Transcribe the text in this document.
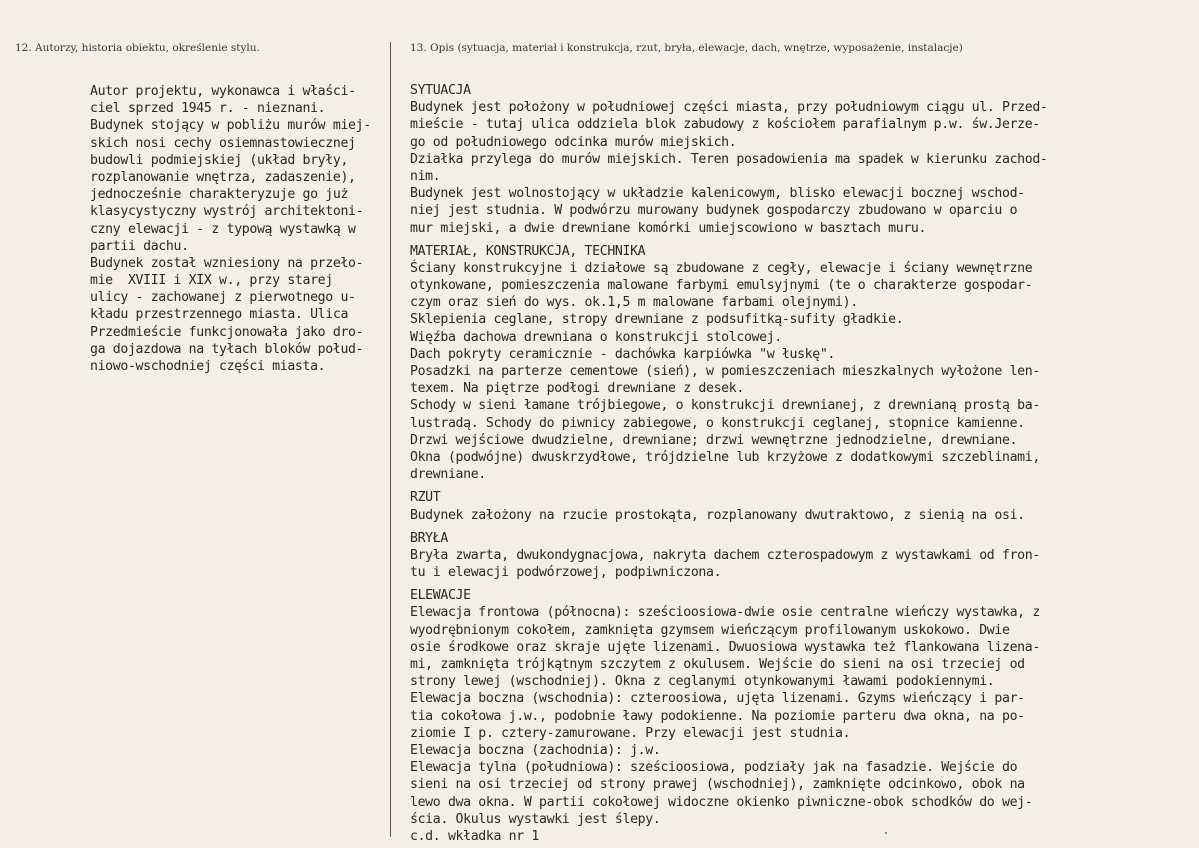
12. Autorzy, historia obiektu, określenie stylu.	13. Opis (sytuacja, materiał i konstrukcja, rzut, bryła, elewacje, dach, wnętrze, wyposażenie, instalacje)
Autor projektu, wykonawca i właści-
ciel sprzed 1945 r. - nieznani.
Budynek stojący w pobliżu murów miej-
skich nosi cechy osiemnastowiecznej
budowli podmiejskiej (układ bryły,
rozplanowanie wnętrza, zadaszenie),
jednocześnie charakteryzuje go już
klasycystyczny wystrój architektoni-
czny elewacji - z typową wystawką w
partii dachu.
Budynek został wzniesiony na przeło-
mie  XVIII i XIX w., przy starej
ulicy - zachowanej z pierwotnego u-
kładu przestrzennego miasta. Ulica
Przedmieście funkcjonowała jako dro-
ga dojazdowa na tyłach bloków połud-
niowo-wschodniej części miasta.
SYTUACJA
Budynek jest położony w południowej części miasta, przy południowym ciągu ul. Przed-
mieście - tutaj ulica oddziela blok zabudowy z kościołem parafialnym p.w. św.Jerze-
go od południowego odcinka murów miejskich.
Działka przylega do murów miejskich. Teren posadowienia ma spadek w kierunku zachod-
nim.
Budynek jest wolnostojący w układzie kalenicowym, blisko elewacji bocznej wschod-
niej jest studnia. W podwórzu murowany budynek gospodarczy zbudowano w oparciu o
mur miejski, a dwie drewniane komórki umiejscowiono w basztach muru.
MATERIAŁ, KONSTRUKCJA, TECHNIKA
Ściany konstrukcyjne i działowe są zbudowane z cegły, elewacje i ściany wewnętrzne
otynkowane, pomieszczenia malowane farbymi emulsyjnymi (te o charakterze gospodar-
czym oraz sień do wys. ok.1,5 m malowane farbami olejnymi).
Sklepienia ceglane, stropy drewniane z podsufitką-sufity gładkie.
Więźba dachowa drewniana o konstrukcji stolcowej.
Dach pokryty ceramicznie - dachówka karpiówka "w łuskę".
Posadzki na parterze cementowe (sień), w pomieszczeniach mieszkalnych wyłożone len-
texem. Na piętrze podłogi drewniane z desek.
Schody w sieni łamane trójbiegowe, o konstrukcji drewnianej, z drewnianą prostą ba-
lustradą. Schody do piwnicy zabiegowe, o konstrukcji ceglanej, stopnice kamienne.
Drzwi wejściowe dwudzielne, drewniane; drzwi wewnętrzne jednodzielne, drewniane.
Okna (podwójne) dwuskrzydłowe, trójdzielne lub krzyżowe z dodatkowymi szczeblinami,
drewniane.
RZUT
Budynek założony na rzucie prostokąta, rozplanowany dwutraktowo, z sienią na osi.
BRYŁA
Bryła zwarta, dwukondygnacjowa, nakryta dachem czterospadowym z wystawkami od fron-
tu i elewacji podwórzowej, podpiwniczona.
ELEWACJE
Elewacja frontowa (północna): sześcioosiowa-dwie osie centralne wieńczy wystawka, z
wyodrębnionym cokołem, zamknięta gzymsem wieńczącym profilowanym uskokowo. Dwie
osie środkowe oraz skraje ujęte lizenami. Dwuosiowa wystawka też flankowana lizena-
mi, zamknięta trójkątnym szczytem z okulusem. Wejście do sieni na osi trzeciej od
strony lewej (wschodniej). Okna z ceglanymi otynkowanymi ławami podokiennymi.
Elewacja boczna (wschodnia): czteroosiowa, ujęta lizenami. Gzyms wieńczący i par-
tia cokołowa j.w., podobnie ławy podokienne. Na poziomie parteru dwa okna, na po-
ziomie I p. cztery-zamurowane. Przy elewacji jest studnia.
Elewacja boczna (zachodnia): j.w.
Elewacja tylna (południowa): sześcioosiowa, podziały jak na fasadzie. Wejście do
sieni na osi trzeciej od strony prawej (wschodniej), zamknięte odcinkowo, obok na
lewo dwa okna. W partii cokołowej widoczne okienko piwniczne-obok schodków do wej-
ścia. Okulus wystawki jest ślepy.
c.d. wkładka nr 1
